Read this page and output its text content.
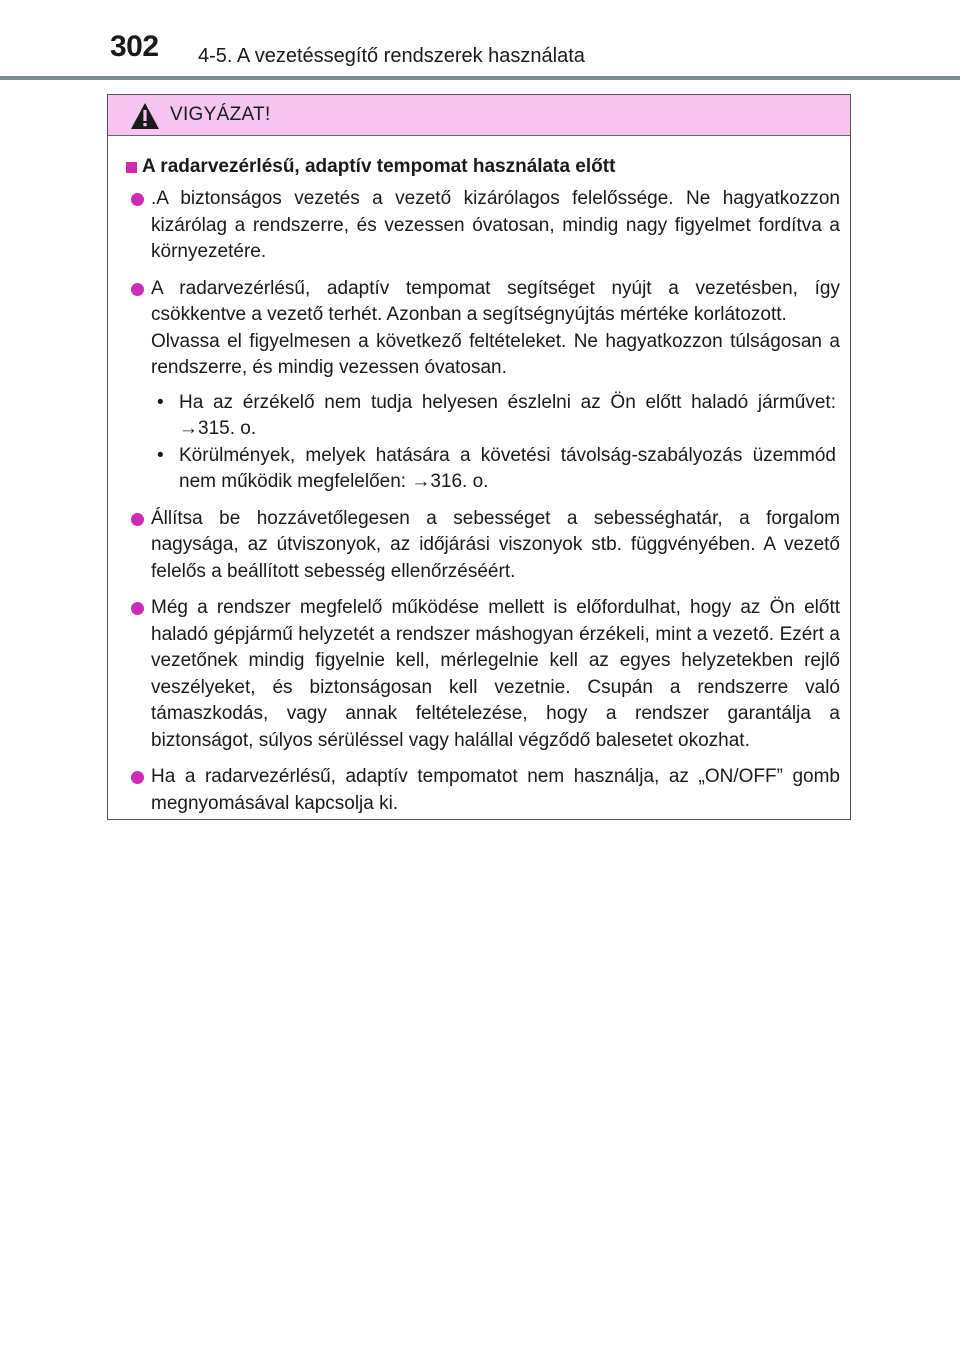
302 4-5. A vezetéssegítő rendszerek használata
VIGYÁZAT!
A radarvezérlésű, adaptív tempomat használata előtt

.A biztonságos vezetés a vezető kizárólagos felelőssége. Ne hagyatkozzon kizárólag a rendszerre, és vezessen óvatosan, mindig nagy figyelmet fordítva a környezetére.

A radarvezérlésű, adaptív tempomat segítséget nyújt a vezetésben, így csökkentve a vezető terhét. Azonban a segítségnyújtás mértéke korlátozott.

Olvassa el figyelmesen a következő feltételeket. Ne hagyatkozzon túlságosan a rendszerre, és mindig vezessen óvatosan.

• Ha az érzékelő nem tudja helyesen észlelni az Ön előtt haladó járművet: →315. o.
• Körülmények, melyek hatására a követési távolság-szabályozás üzemmód nem működik megfelelően: →316. o.

Állítsa be hozzávetőlegesen a sebességet a sebességhatár, a forgalom nagysága, az útviszonyok, az időjárási viszonyok stb. függvényében. A vezető felelős a beállított sebesség ellenőrzéséért.

Még a rendszer megfelelő működése mellett is előfordulhat, hogy az Ön előtt haladó gépjármű helyzetét a rendszer máshogyan érzékeli, mint a vezető. Ezért a vezetőnek mindig figyelnie kell, mérlegelnie kell az egyes helyzetekben rejlő veszélyeket, és biztonságosan kell vezetnie. Csupán a rendszerre való támaszkodás, vagy annak feltételezése, hogy a rendszer garantálja a biztonságot, súlyos sérüléssel vagy halállal végződő balesetet okozhat.

Ha a radarvezérlésű, adaptív tempomatot nem használja, az „ON/OFF” gomb megnyomásával kapcsolja ki.
